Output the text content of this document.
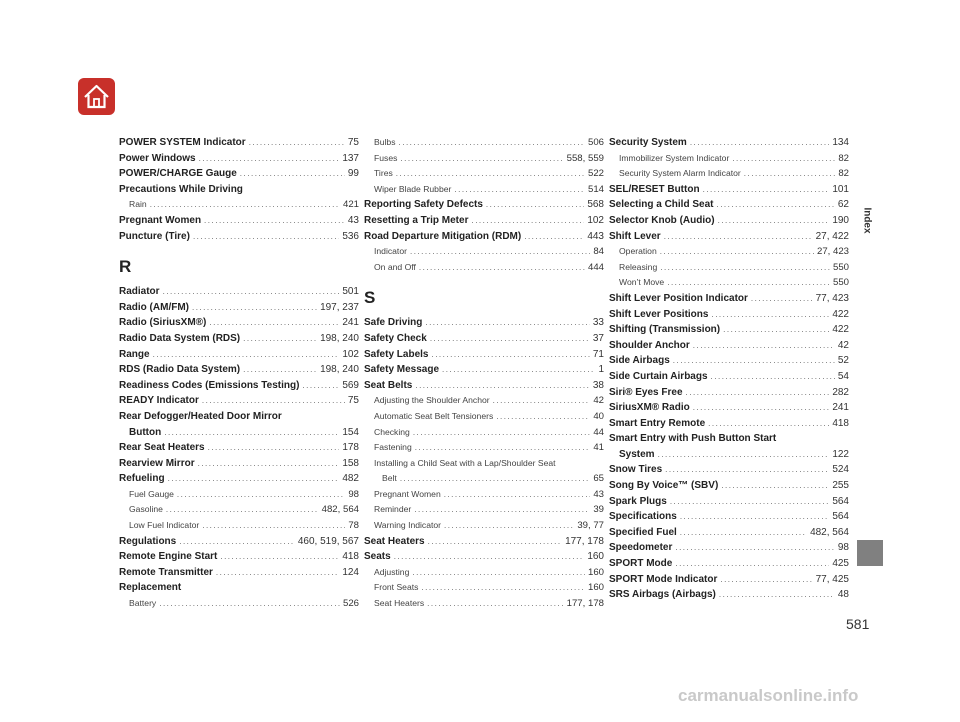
POWER SYSTEM Indicator .....	75
Power Windows .....	137
POWER/CHARGE Gauge .....	99
Precautions While Driving
Rain .....	421
Pregnant Women .....	43
Puncture (Tire) .....	536
R
Radiator .....	501
Radio (AM/FM) .....	197, 237
Radio (SiriusXM®) .....	241
Radio Data System (RDS) .....	198, 240
Range .....	102
RDS (Radio Data System) .....	198, 240
Readiness Codes (Emissions Testing) .....	569
READY Indicator .....	75
Rear Defogger/Heated Door Mirror
Button .....	154
Rear Seat Heaters .....	178
Rearview Mirror .....	158
Refueling .....	482
Fuel Gauge .....	98
Gasoline .....	482, 564
Low Fuel Indicator .....	78
Regulations .....	460, 519, 567
Remote Engine Start .....	418
Remote Transmitter .....	124
Replacement
Battery .....	526
Bulbs .....	506
Fuses .....	558, 559
Tires .....	522
Wiper Blade Rubber .....	514
Reporting Safety Defects .....	568
Resetting a Trip Meter .....	102
Road Departure Mitigation (RDM) .....	443
Indicator .....	84
On and Off .....	444
S
Safe Driving .....	33
Safety Check .....	37
Safety Labels .....	71
Safety Message .....	1
Seat Belts .....	38
Adjusting the Shoulder Anchor .....	42
Automatic Seat Belt Tensioners .....	40
Checking .....	44
Fastening .....	41
Installing a Child Seat with a Lap/Shoulder Seat
Belt .....	65
Pregnant Women .....	43
Reminder .....	39
Warning Indicator .....	39, 77
Seat Heaters .....	177, 178
Seats .....	160
Adjusting .....	160
Front Seats .....	160
Seat Heaters .....	177, 178
Security System .....	134
Immobilizer System Indicator .....	82
Security System Alarm Indicator .....	82
SEL/RESET Button .....	101
Selecting a Child Seat .....	62
Selector Knob (Audio) .....	190
Shift Lever .....	27, 422
Operation .....	27, 423
Releasing .....	550
Won’t Move .....	550
Shift Lever Position Indicator .....	77, 423
Shift Lever Positions .....	422
Shifting (Transmission) .....	422
Shoulder Anchor .....	42
Side Airbags .....	52
Side Curtain Airbags .....	54
Siri® Eyes Free .....	282
SiriusXM® Radio .....	241
Smart Entry Remote .....	418
Smart Entry with Push Button Start
System .....	122
Snow Tires .....	524
Song By Voice™ (SBV) .....	255
Spark Plugs .....	564
Specifications .....	564
Specified Fuel .....	482, 564
Speedometer .....	98
SPORT Mode .....	425
SPORT Mode Indicator .....	77, 425
SRS Airbags (Airbags) .....	48
Index
581
carmanualsonline.info
